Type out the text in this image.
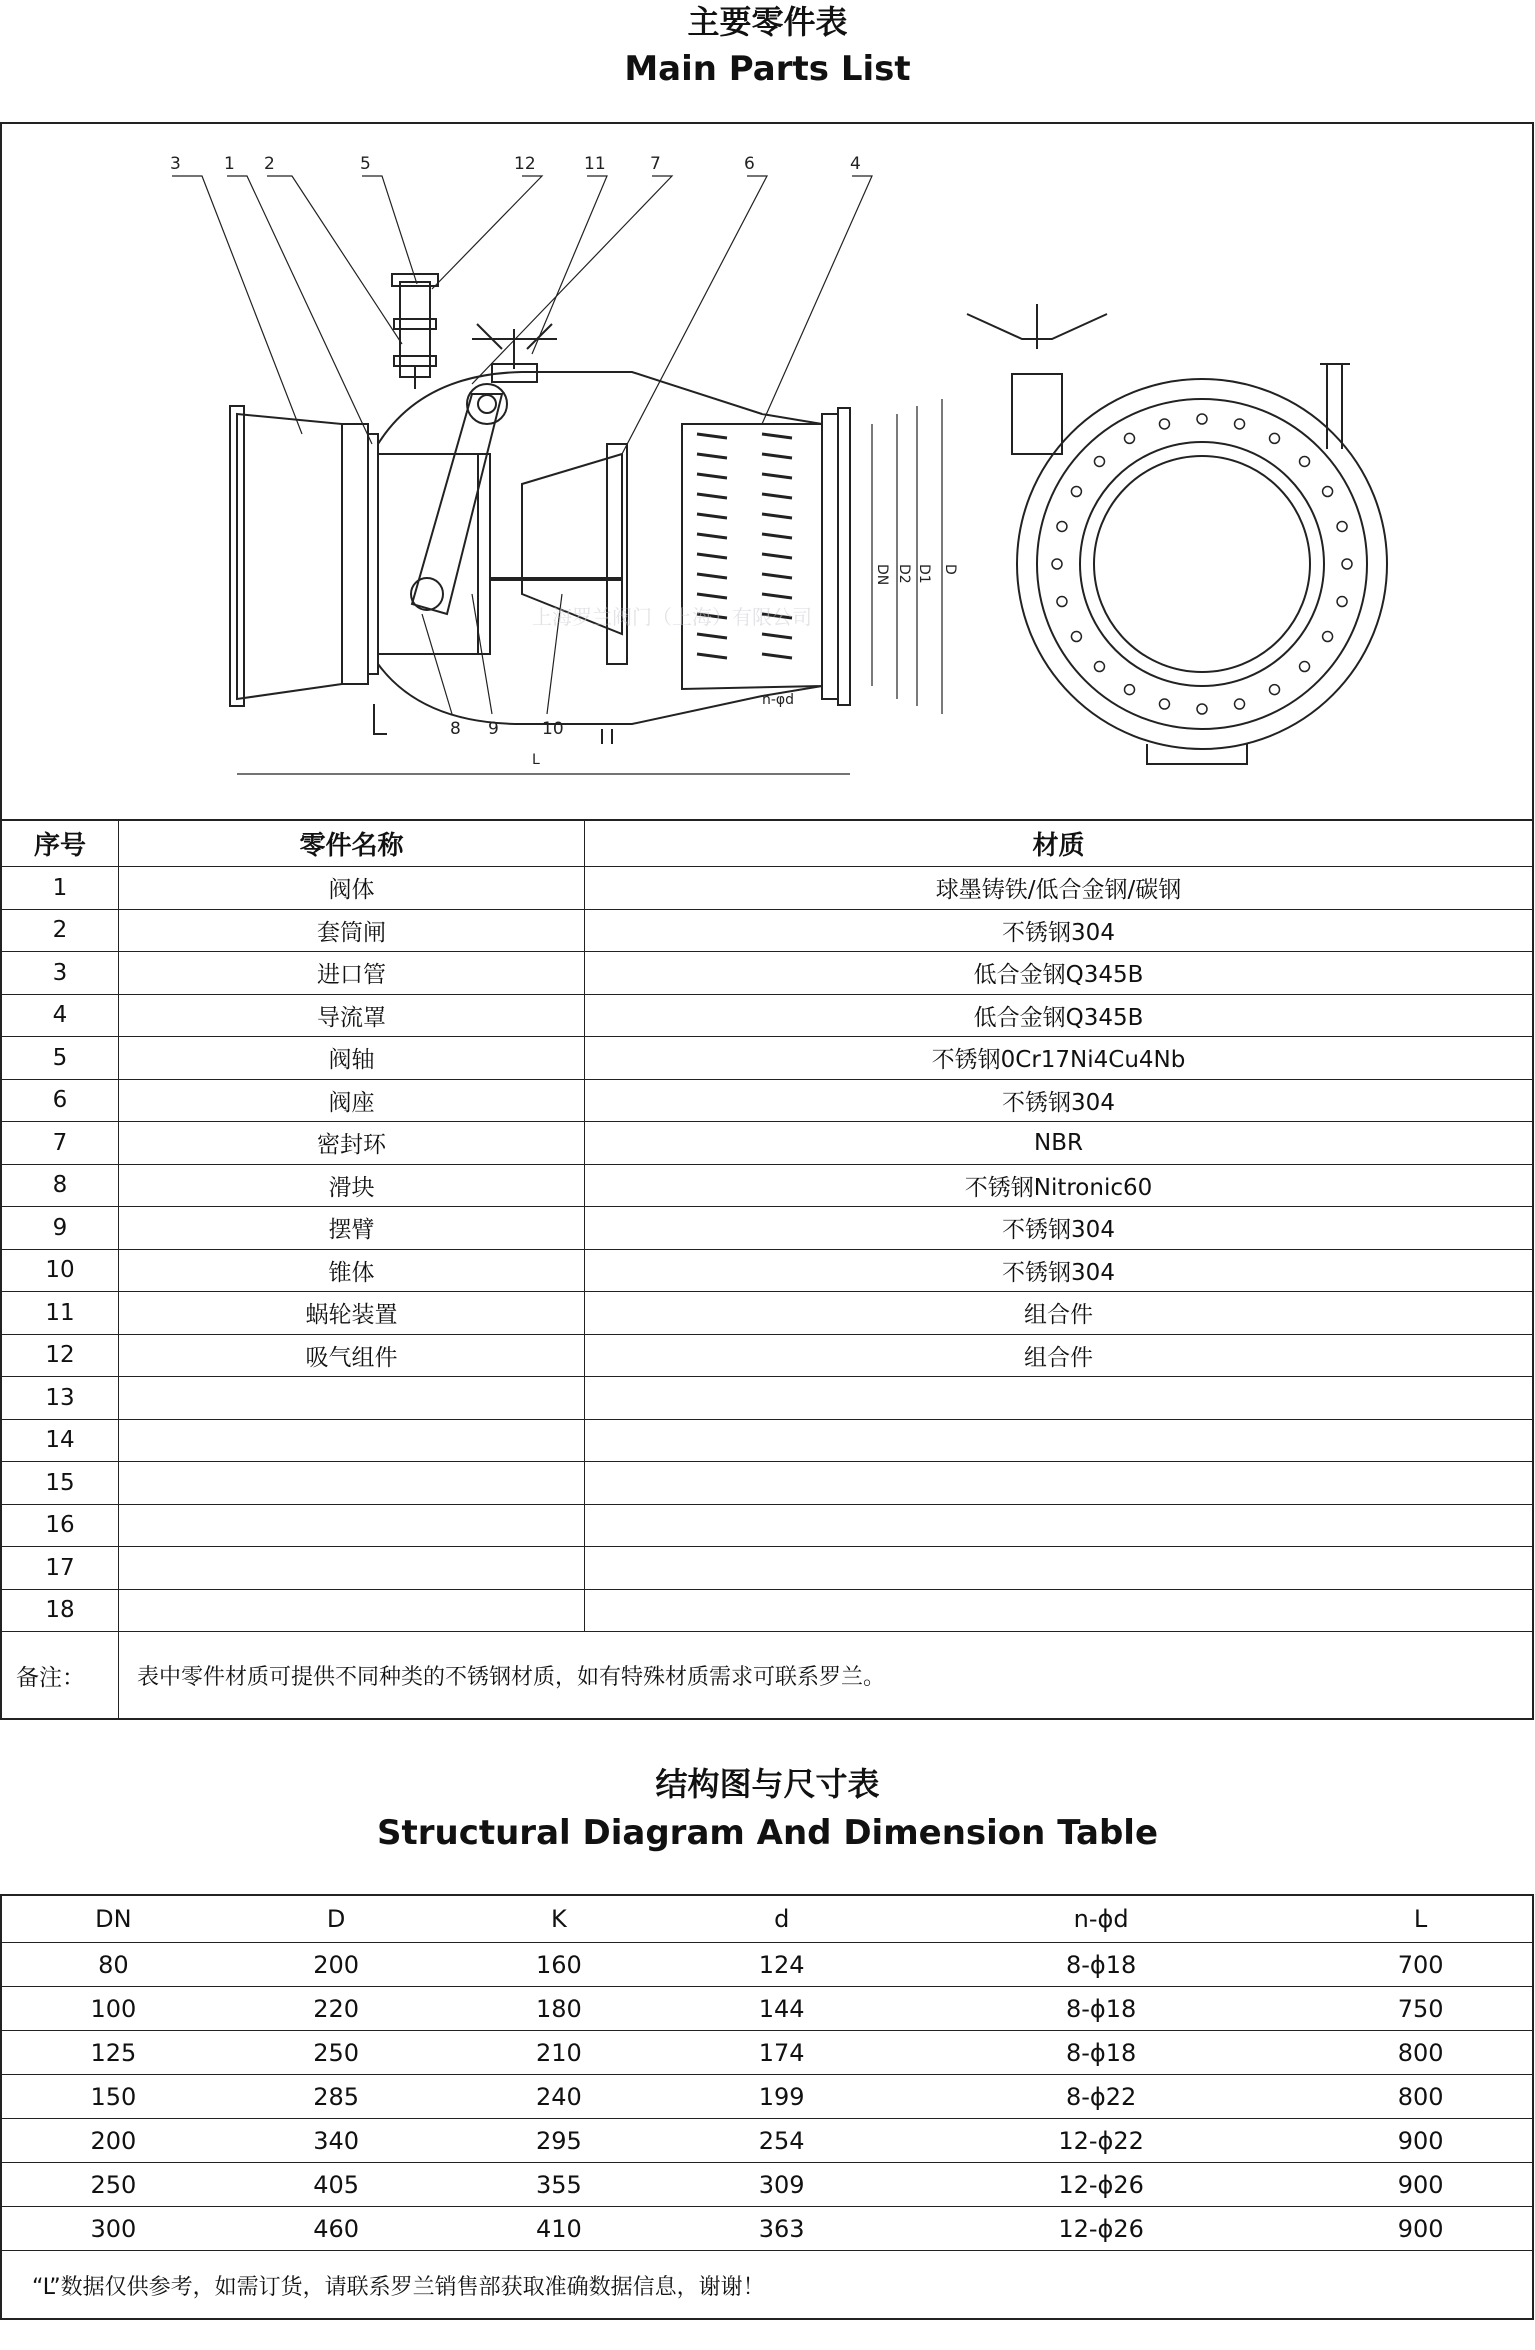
主要零件表
Main Parts List
3	1 2	5	12	11	7	6	4
8 9	10
DN D2 D1 D
L
n-φd
上海罗兰阀门（上海）有限公司
序号	零件名称	材质
1	阀体	球墨铸铁/低合金钢/碳钢
2	套筒闸	不锈钢304
3	进口管	低合金钢Q345B
4	导流罩	低合金钢Q345B
5	阀轴	不锈钢0Cr17Ni4Cu4Nb
6	阀座	不锈钢304
7	密封环	NBR
8	滑块	不锈钢Nitronic60
9	摆臂	不锈钢304
10	锥体	不锈钢304
11	蜗轮装置	组合件
12	吸气组件	组合件
13		
14		
15		
16		
17		
18		
备注：	表中零件材质可提供不同种类的不锈钢材质，如有特殊材质需求可联系罗兰。	
结构图与尺寸表
Structural Diagram And Dimension Table
DN	D	K	d	n-ϕd	L
80	200	160	124	8-ϕ18	700
100	220	180	144	8-ϕ18	750
125	250	210	174	8-ϕ18	800
150	285	240	199	8-ϕ22	800
200	340	295	254	12-ϕ22	900
250	405	355	309	12-ϕ26	900
300	460	410	363	12-ϕ26	900
“L”数据仅供参考，如需订货，请联系罗兰销售部获取准确数据信息，谢谢！
